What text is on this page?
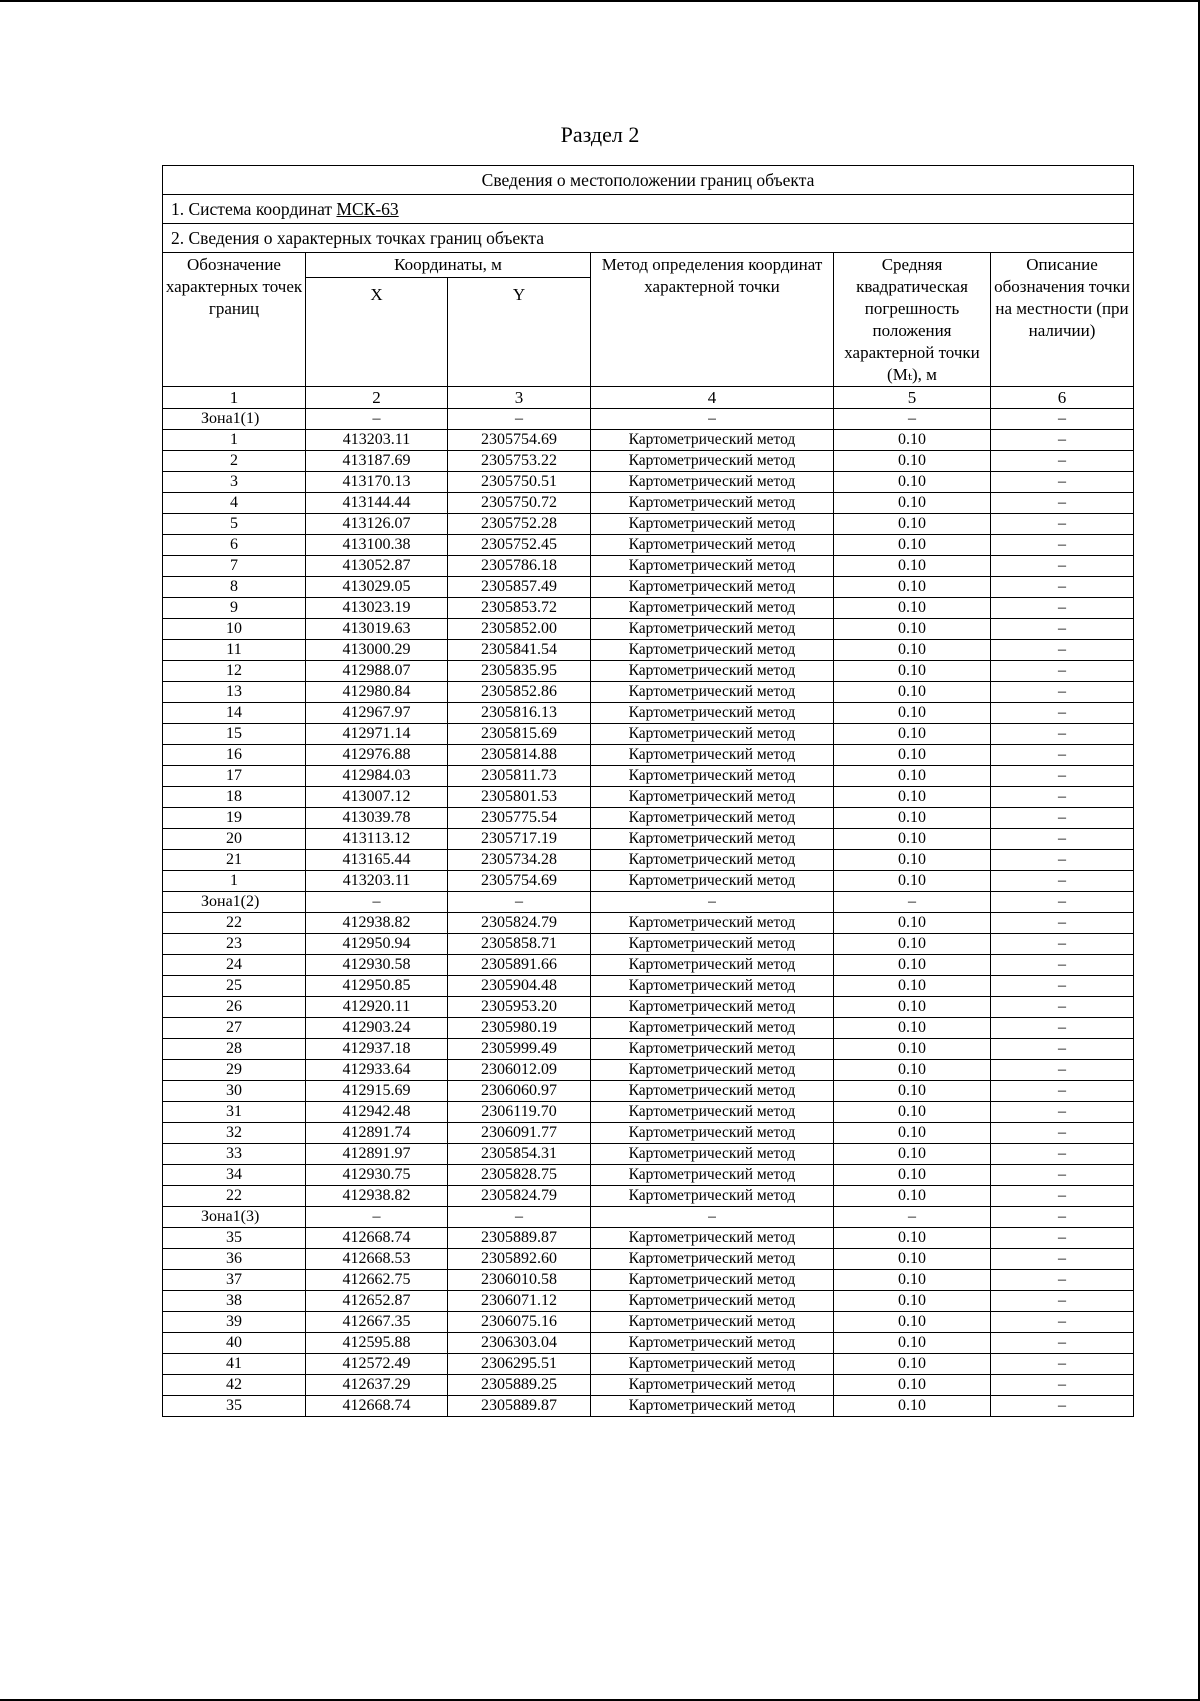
Раздел 2
Сведения о местоположении границ объекта					
1. Система координат МСК-63					
2. Сведения о характерных точках границ объекта					
Обозначение характерных точек границ	Координаты, м		Метод определения координат характерной точки	Средняя квадратическая погрешность положения характерной точки (Mₜ), м	Описание обозначения точки на местности (при наличии)
	X	Y			
1	2	3	4	5	6
Зона1(1)	–	–	–	–	–
1	413203.11	2305754.69	Картометрический метод	0.10	–
2	413187.69	2305753.22	Картометрический метод	0.10	–
3	413170.13	2305750.51	Картометрический метод	0.10	–
4	413144.44	2305750.72	Картометрический метод	0.10	–
5	413126.07	2305752.28	Картометрический метод	0.10	–
6	413100.38	2305752.45	Картометрический метод	0.10	–
7	413052.87	2305786.18	Картометрический метод	0.10	–
8	413029.05	2305857.49	Картометрический метод	0.10	–
9	413023.19	2305853.72	Картометрический метод	0.10	–
10	413019.63	2305852.00	Картометрический метод	0.10	–
11	413000.29	2305841.54	Картометрический метод	0.10	–
12	412988.07	2305835.95	Картометрический метод	0.10	–
13	412980.84	2305852.86	Картометрический метод	0.10	–
14	412967.97	2305816.13	Картометрический метод	0.10	–
15	412971.14	2305815.69	Картометрический метод	0.10	–
16	412976.88	2305814.88	Картометрический метод	0.10	–
17	412984.03	2305811.73	Картометрический метод	0.10	–
18	413007.12	2305801.53	Картометрический метод	0.10	–
19	413039.78	2305775.54	Картометрический метод	0.10	–
20	413113.12	2305717.19	Картометрический метод	0.10	–
21	413165.44	2305734.28	Картометрический метод	0.10	–
1	413203.11	2305754.69	Картометрический метод	0.10	–
Зона1(2)	–	–	–	–	–
22	412938.82	2305824.79	Картометрический метод	0.10	–
23	412950.94	2305858.71	Картометрический метод	0.10	–
24	412930.58	2305891.66	Картометрический метод	0.10	–
25	412950.85	2305904.48	Картометрический метод	0.10	–
26	412920.11	2305953.20	Картометрический метод	0.10	–
27	412903.24	2305980.19	Картометрический метод	0.10	–
28	412937.18	2305999.49	Картометрический метод	0.10	–
29	412933.64	2306012.09	Картометрический метод	0.10	–
30	412915.69	2306060.97	Картометрический метод	0.10	–
31	412942.48	2306119.70	Картометрический метод	0.10	–
32	412891.74	2306091.77	Картометрический метод	0.10	–
33	412891.97	2305854.31	Картометрический метод	0.10	–
34	412930.75	2305828.75	Картометрический метод	0.10	–
22	412938.82	2305824.79	Картометрический метод	0.10	–
Зона1(3)	–	–	–	–	–
35	412668.74	2305889.87	Картометрический метод	0.10	–
36	412668.53	2305892.60	Картометрический метод	0.10	–
37	412662.75	2306010.58	Картометрический метод	0.10	–
38	412652.87	2306071.12	Картометрический метод	0.10	–
39	412667.35	2306075.16	Картометрический метод	0.10	–
40	412595.88	2306303.04	Картометрический метод	0.10	–
41	412572.49	2306295.51	Картометрический метод	0.10	–
42	412637.29	2305889.25	Картометрический метод	0.10	–
35	412668.74	2305889.87	Картометрический метод	0.10	–
